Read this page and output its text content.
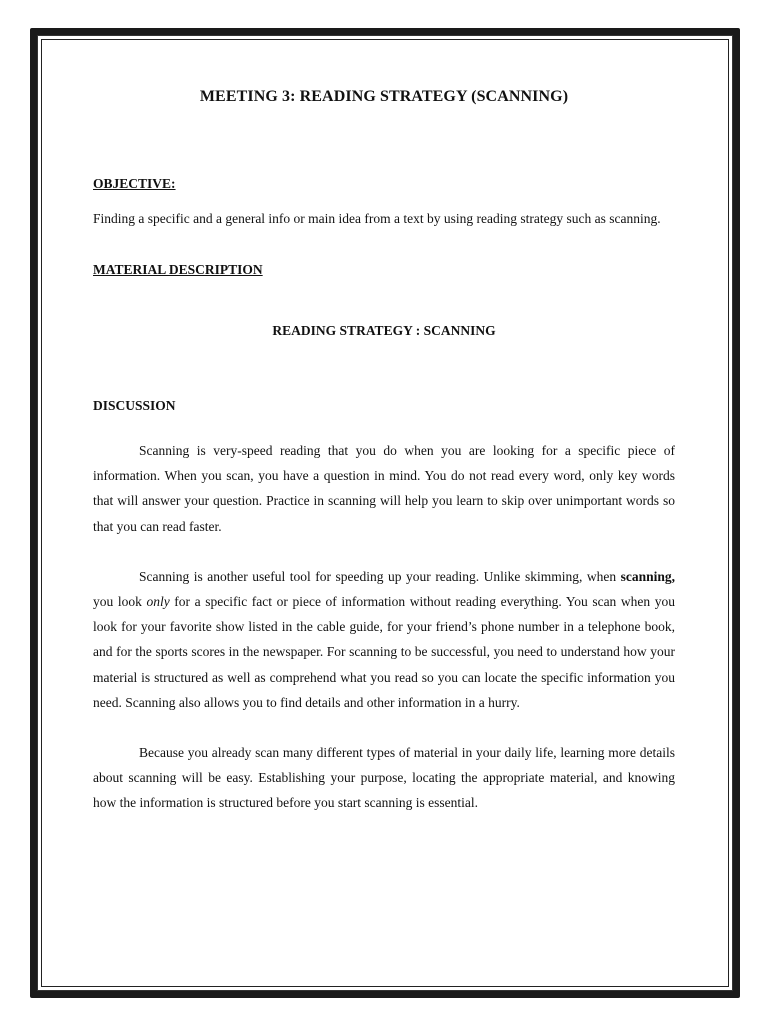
MEETING 3: READING STRATEGY (SCANNING)

OBJECTIVE:

Finding a specific and a general info or main idea from a text by using reading strategy such as scanning.

MATERIAL DESCRIPTION

READING STRATEGY : SCANNING

DISCUSSION

Scanning is very-speed reading that you do when you are looking for a specific piece of information. When you scan, you have a question in mind. You do not read every word, only key words that will answer your question. Practice in scanning will help you learn to skip over unimportant words so that you can read faster.

Scanning is another useful tool for speeding up your reading. Unlike skimming, when scanning, you look only for a specific fact or piece of information without reading everything. You scan when you look for your favorite show listed in the cable guide, for your friend’s phone number in a telephone book, and for the sports scores in the newspaper. For scanning to be successful, you need to understand how your material is structured as well as comprehend what you read so you can locate the specific information you need. Scanning also allows you to find details and other information in a hurry.

Because you already scan many different types of material in your daily life, learning more details about scanning will be easy. Establishing your purpose, locating the appropriate material, and knowing how the information is structured before you start scanning is essential.
